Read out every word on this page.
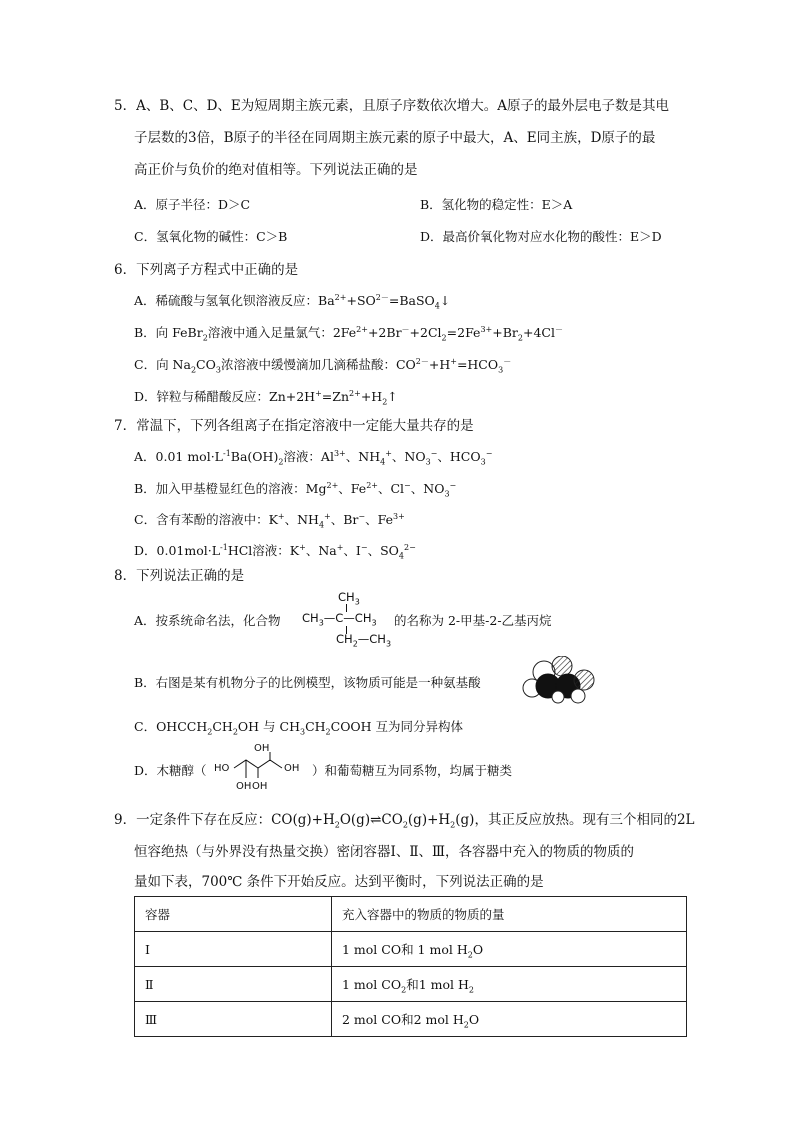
5．A、B、C、D、E为短周期主族元素，且原子序数依次增大。A原子的最外层电子数是其电
子层数的3倍，B原子的半径在同周期主族元素的原子中最大，A、E同主族，D原子的最
高正价与负价的绝对值相等。下列说法正确的是
A．原子半径：D＞C	B．氢化物的稳定性：E＞A
C．氢氧化物的碱性：C＞B	D．最高价氧化物对应水化物的酸性：E＞D
6．下列离子方程式中正确的是
A．稀硫酸与氢氧化钡溶液反应：$Ba^{2+}+SO^{2-}=BaSO_4↓$
B．向 FeBr$_2$溶液中通入足量氯气：$2Fe^{2+}+2Br^-+2Cl_2=2Fe^{3+}+Br_2+4Cl^-$
C．向 $Na_2CO_3$浓溶液中缓慢滴加几滴稀盐酸：$CO^{2-}+H^+=HCO_3^-$
D．锌粒与稀醋酸反应：$Zn+2H^+=Zn^{2+}+H_2↑$
7．常温下，下列各组离子在指定溶液中一定能大量共存的是
A．0.01 $mol\cdot L^{-1}Ba(OH)_2$溶液：$Al^{3+}$、$NH_4^+$、$NO_3^-$、$HCO_3^-$
B．加入甲基橙显红色的溶液：$Mg^{2+}$、$Fe^{2+}$、Cl−、$NO_3^-$
C．含有苯酚的溶液中：K+、$NH_4^+$、Br−、$Fe^{3+}$
D．$0.01mol\cdot L^{-1}HCl$溶液：K+、Na+、I−、$SO_4^{2-}$
8．下列说法正确的是
A．按系统命名法，化合物
$CH_3$
$CH_3—C—CH_3$
$CH_2—CH_3$
的名称为 2-甲基-2-乙基丙烷
B．右图是某有机物分子的比例模型，该物质可能是一种氨基酸
C．$OHCCH_2CH_2OH$ 与 $CH_3CH_2COOH$ 互为同分异构体
D．木糖醇（
OH
HO	OH
OH OH
）和葡萄糖互为同系物，均属于糖类
9．一定条件下存在反应：$CO(g)+H_2O(g)\rightleftharpoons CO_2(g)+H_2(g)$，其正反应放热。现有三个相同的2L
恒容绝热（与外界没有热量交换）密闭容器Ⅰ、Ⅱ、Ⅲ，各容器中充入的物质的物质的
量如下表，700℃ 条件下开始反应。达到平衡时，下列说法正确的是
容器	充入容器中的物质的物质的量
Ⅰ	1 mol CO和 1 mol $H_2O$
Ⅱ	1 mol $CO_2$和1 mol $H_2$
Ⅲ	2 mol CO和2 mol $H_2O$
